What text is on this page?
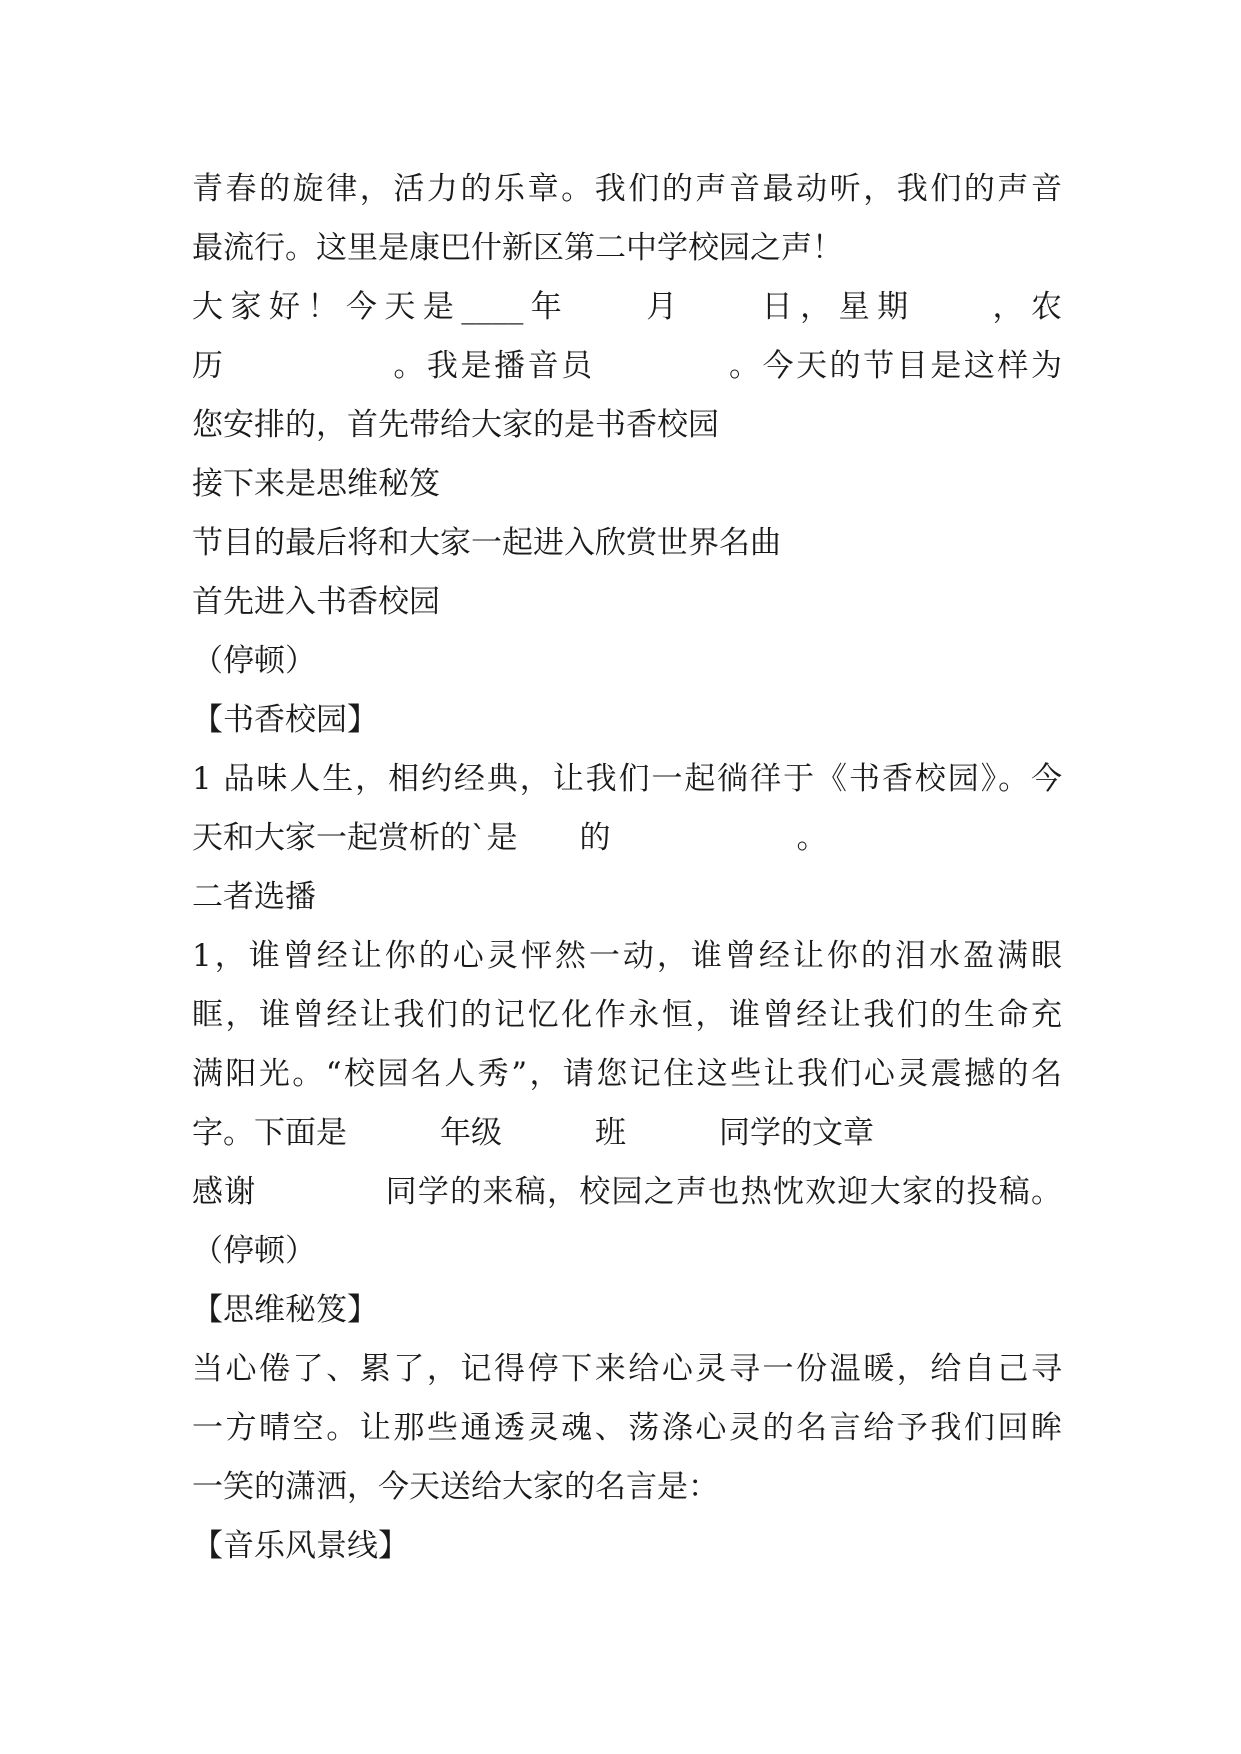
青春的旋律，活力的乐章。我们的声音最动听，我们的声音
最流行。这里是康巴什新区第二中学校园之声！
大家好！今天是____年　　月　　日，星期　　，农
历　　　　　。我是播音员　　　　。今天的节目是这样为
您安排的，首先带给大家的是书香校园
接下来是思维秘笈
节目的最后将和大家一起进入欣赏世界名曲
首先进入书香校园
（停顿）
【书香校园】
1 品味人生，相约经典，让我们一起徜徉于《书香校园》。今
天和大家一起赏析的`是　　的　　　　　　。
二者选播
1，谁曾经让你的心灵怦然一动，谁曾经让你的泪水盈满眼
眶，谁曾经让我们的记忆化作永恒，谁曾经让我们的生命充
满阳光。“校园名人秀”，请您记住这些让我们心灵震撼的名
字。下面是　　　年级　　　班　　　同学的文章
感谢　　　　同学的来稿，校园之声也热忱欢迎大家的投稿。
（停顿）
【思维秘笈】
当心倦了、累了，记得停下来给心灵寻一份温暖，给自己寻
一方晴空。让那些通透灵魂、荡涤心灵的名言给予我们回眸
一笑的潇洒，今天送给大家的名言是：
【音乐风景线】
